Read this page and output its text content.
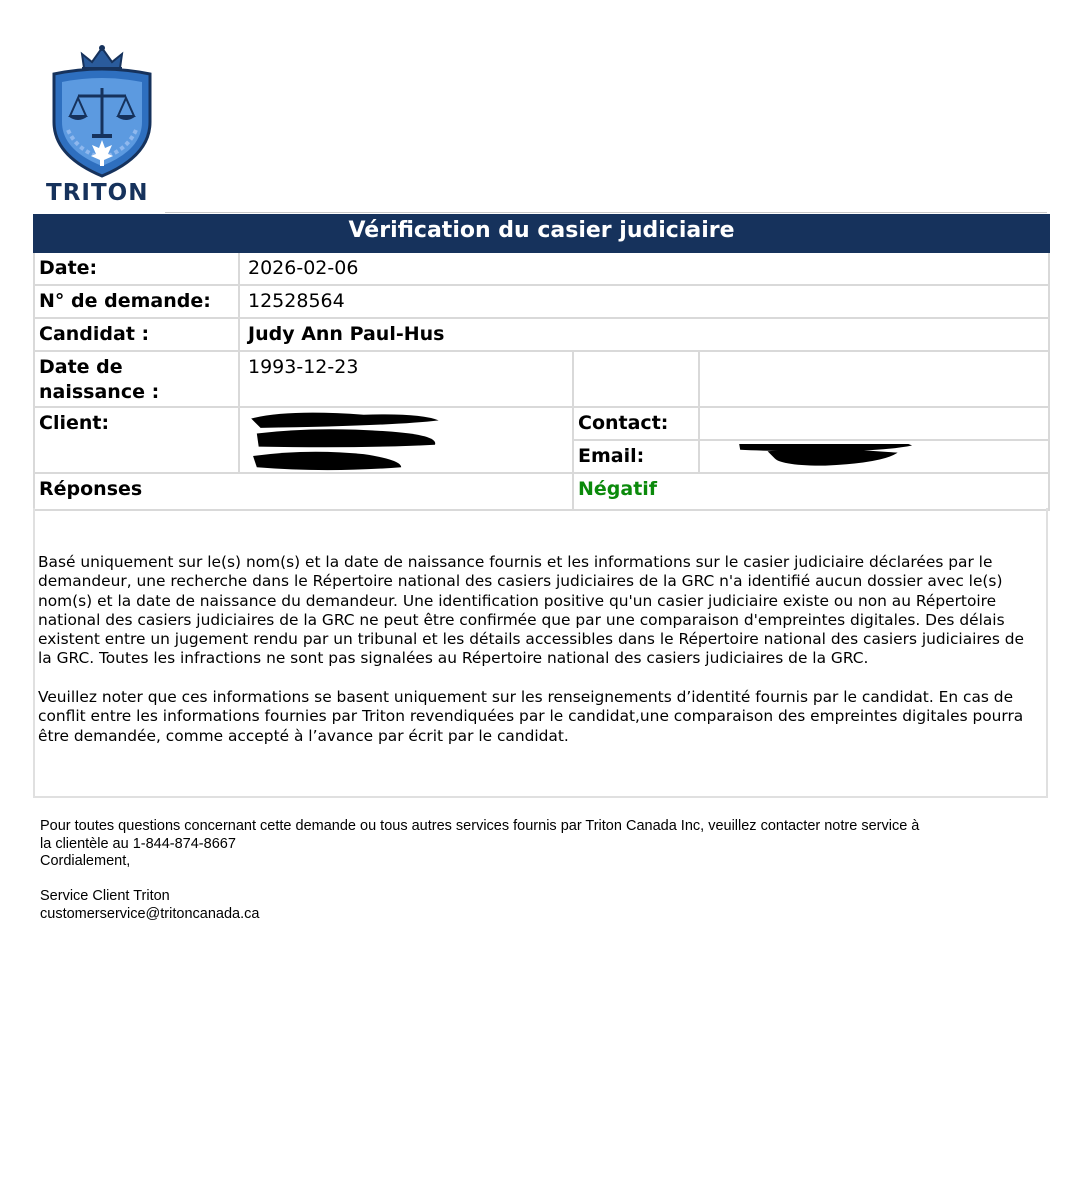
TRITON
Vérification du casier judiciaire			
Date:	2026-02-06		
N° de demande:	12528564		
Candidat :	Judy Ann Paul-Hus		

Date de
naissance :	1993-12-23		
Client:		Contact:	
		Email:	

Réponses		Négatif	
Basé uniquement sur le(s) nom(s) et la date de naissance fournis et les informations sur le casier judiciaire déclarées par le demandeur, une recherche dans le Répertoire national des casiers judiciaires de la GRC n'a identifié aucun dossier avec le(s) nom(s) et la date de naissance du demandeur. Une identification positive qu'un casier judiciaire existe ou non au Répertoire national des casiers judiciaires de la GRC ne peut être confirmée que par une comparaison d'empreintes digitales. Des délais existent entre un jugement rendu par un tribunal et les détails accessibles dans le Répertoire national des casiers judiciaires de la GRC. Toutes les infractions ne sont pas signalées au Répertoire national des casiers judiciaires de la GRC.
Veuillez noter que ces informations se basent uniquement sur les renseignements d’identité fournis par le candidat. En cas de conflit entre les informations fournies par Triton revendiquées par le candidat,une comparaison des empreintes digitales pourra être demandée, comme accepté à l’avance par écrit par le candidat.
Pour toutes questions concernant cette demande ou tous autres services fournis par Triton Canada Inc, veuillez contacter notre service à
la clientèle au 1-844-874-8667
Cordialement,
Service Client Triton
customerservice@tritoncanada.ca
